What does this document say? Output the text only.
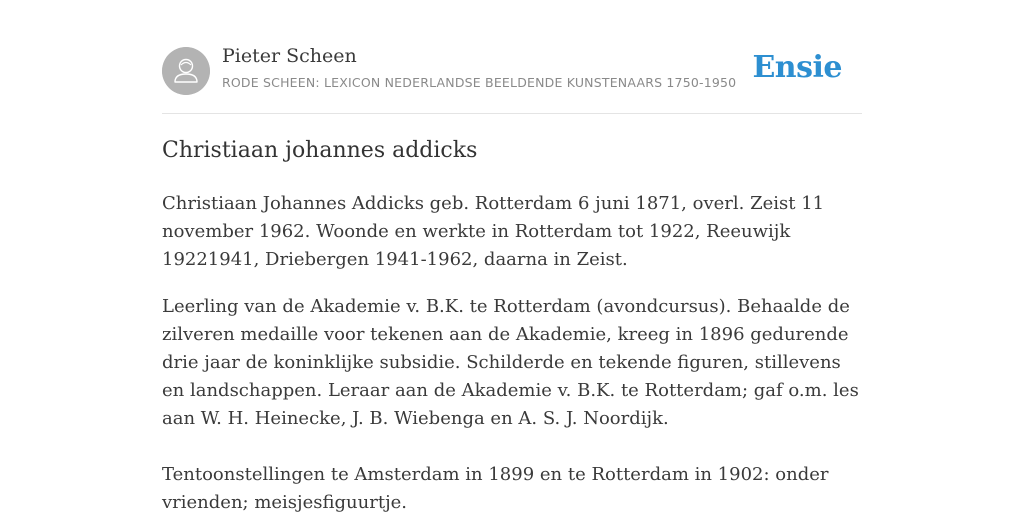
Pieter Scheen
RODE SCHEEN: LEXICON NEDERLANDSE BEELDENDE KUNSTENAARS 1750-1950 Ensie
Christiaan johannes addicks

Christiaan Johannes Addicks geb. Rotterdam 6 juni 1871, overl. Zeist 11 november 1962. Woonde en werkte in Rotterdam tot 1922, Reeuwijk 19221941, Driebergen 1941-1962, daarna in Zeist.

Leerling van de Akademie v. B.K. te Rotterdam (avondcursus). Behaalde de zilveren medaille voor tekenen aan de Akademie, kreeg in 1896 gedurende drie jaar de koninklijke subsidie. Schilderde en tekende figuren, stillevens en landschappen. Leraar aan de Akademie v. B.K. te Rotterdam; gaf o.m. les aan W. H. Heinecke, J. B. Wiebenga en A. S. J. Noordijk.

Tentoonstellingen te Amsterdam in 1899 en te Rotterdam in 1902: onder vrienden; meisjesfiguurtje.
